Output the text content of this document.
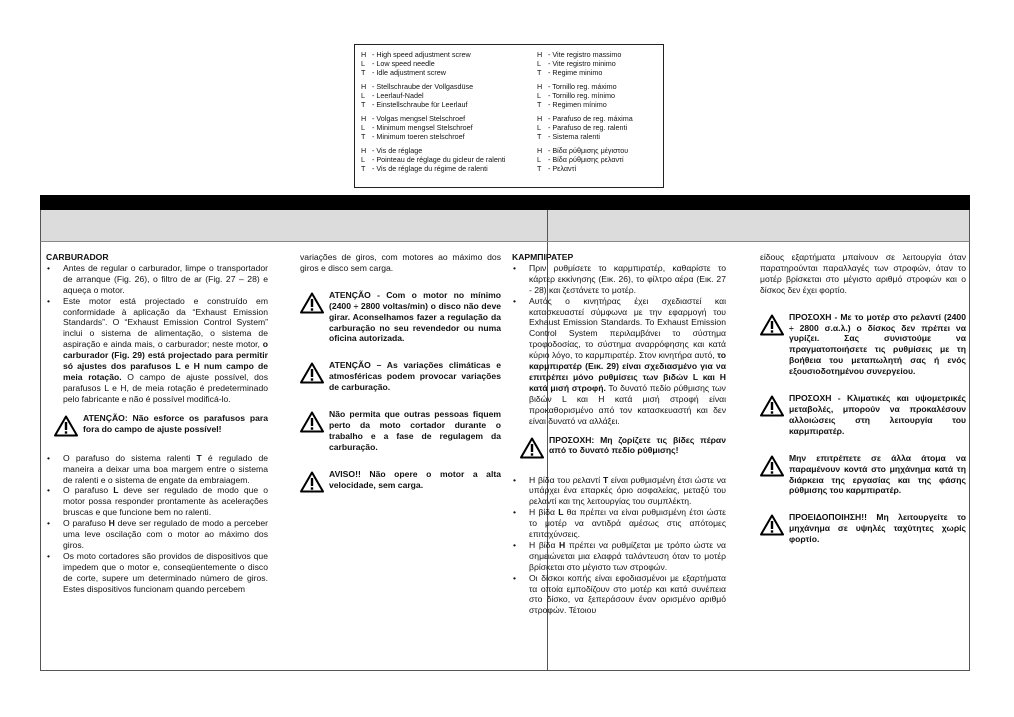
H - High speed adjustment screw
L - Low speed needle
T - Idle adjustment screw
H - Stellschraube der Vollgasdüse
L - Leerlauf-Nadel
T - Einstellschraube für Leerlauf
H - Volgas mengsel Stelschroef
L - Minimum mengsel Stelschroef
T - Minimum toeren stelschroef
H - Vis de réglage
L - Pointeau de réglage du gicleur de ralenti
T - Vis de réglage du régime de ralenti
H - Vite registro massimo
L - Vite registro minimo
T - Regime minimo
H - Tornillo reg. máximo
L - Tornillo reg. mínimo
T - Regimen mínimo
H - Parafuso de reg. máxima
L - Parafuso de reg. ralenti
T - Sistema ralenti
H - Βίδα ρύθμισης μέγιστου
L - Βίδα ρύθμισης ρελαντί
T - Ρελαντί

CARBURADOR

• Antes de regular o carburador, limpe o transportador de arranque (Fig. 26), o filtro de ar (Fig. 27 – 28) e aqueça o motor.

• Este motor está projectado e construído em conformidade à aplicação da “Exhaust Emission Standards”. O “Exhaust Emission Control System” inclui o sistema de alimentação, o sistema de aspiração e ainda mais, o carburador; neste motor, o carburador (Fig. 29) está projectado para permitir só ajustes dos parafusos L e H num campo de meia rotação. O campo de ajuste possível, dos parafusos L e H, de meia rotação é predeterminado pelo fabricante e não é possível modificá-lo.

ATENÇÃO: Não esforce os parafusos para fora do campo de ajuste possível!

• O parafuso do sistema ralenti T é regulado de maneira a deixar uma boa margem entre o sistema de ralenti e o sistema de engate da embraiagem.

• O parafuso L deve ser regulado de modo que o motor possa responder prontamente às acelerações bruscas e que funcione bem no ralenti.

• O parafuso H deve ser regulado de modo a perceber uma leve oscilação com o motor ao máximo dos giros.

• Os moto cortadores são providos de dispositivos que impedem que o motor e, conseqüentemente o disco de corte, supere um determinado número de giros. Estes dispositivos funcionam quando percebem

variações de giros, com motores ao máximo dos giros e disco sem carga.

ATENÇÃO - Com o motor no mínimo (2400 ÷ 2800 voltas/min) o disco não deve girar. Aconselhamos fazer a regulação da carburação no seu revendedor ou numa oficina autorizada.
ATENÇÃO – As variações climáticas e atmosféricas podem provocar variações de carburação.
Não permita que outras pessoas fiquem perto da moto cortador durante o trabalho e a fase de regulagem da carburação.
AVISO!! Não opere o motor a alta velocidade, sem carga.

ΚΑΡΜΠΙΡΑΤΕΡ

• Πριν ρυθμίσετε το καρμπιρατέρ, καθαρίστε το κάρτερ εκκίνησης (Εικ. 26), το φίλτρο αέρα (Εικ. 27 - 28) και ζεστάνετε το μοτέρ.

• Αυτός ο κινητήρας έχει σχεδιαστεί και κατασκευαστεί σύμφωνα με την εφαρμογή του Exhaust Emission Standards. Το Exhaust Emission Control System περιλαμβάνει το σύστημα τροφοδοσίας, το σύστημα αναρρόφησης και κατά κύριο λόγο, το καρμπιρατέρ. Στον κινητήρα αυτό, το καρμπιρατέρ (Εικ. 29) είναι σχεδιασμένο για να επιτρέπει μόνο ρυθμίσεις των βιδών L και H κατά μισή στροφή. Το δυνατό πεδίο ρύθμισης των βιδών L και H κατά μισή στροφή είναι προκαθορισμένο από τον κατασκευαστή και δεν είναι δυνατό να αλλάξει.

ΠΡΟΣΟΧΗ: Μη ζορίζετε τις βίδες πέραν από το δυνατό πεδίο ρύθμισης!

• Η βίδα του ρελαντί T είναι ρυθμισμένη έτσι ώστε να υπάρχει ένα επαρκές όριο ασφαλείας, μεταξύ του ρελαντί και της λειτουργίας του συμπλέκτη.

• Η βίδα L θα πρέπει να είναι ρυθμισμένη έτσι ώστε το μοτέρ να αντιδρά αμέσως στις απότομες επιταχύνσεις.

• Η βίδα H πρέπει να ρυθμίζεται με τρόπο ώστε να σημειώνεται μια ελαφρά ταλάντευση όταν το μοτέρ βρίσκεται στο μέγιστο των στροφών.

• Οι δίσκοι κοπής είναι εφοδιασμένοι με εξαρτήματα τα οποία εμποδίζουν στο μοτέρ και κατά συνέπεια στο δίσκο, να ξεπεράσουν έναν ορισμένο αριθμό στροφών. Τέτοιου

είδους εξαρτήματα μπαίνουν σε λειτουργία όταν παρατηρούνται παραλλαγές των στροφών, όταν το μοτέρ βρίσκεται στο μέγιστο αριθμό στροφών και ο δίσκος δεν έχει φορτίο.

ΠΡΟΣΟΧΗ - Με το μοτέρ στο ρελαντί (2400 ÷ 2800 σ.α.λ.) ο δίσκος δεν πρέπει να γυρίζει. Σας συνιστούμε να πραγματοποιήσετε τις ρυθμίσεις με τη βοήθεια του μεταπωλητή σας ή ενός εξουσιοδοτημένου συνεργείου.
ΠΡΟΣΟΧΗ - Κλιματικές και υψομετρικές μεταβολές, μπορούν να προκαλέσουν αλλοιώσεις στη λειτουργία του καρμπιρατέρ.
Μην επιτρέπετε σε άλλα άτομα να παραμένουν κοντά στο μηχάνημα κατά τη διάρκεια της εργασίας και της φάσης ρύθμισης του καρμπιρατέρ.
ΠΡΟΕΙΔΟΠΟΙΗΣΗ!! Μη λειτουργείτε το μηχάνημα σε υψηλές ταχύτητες χωρίς φορτίο.
